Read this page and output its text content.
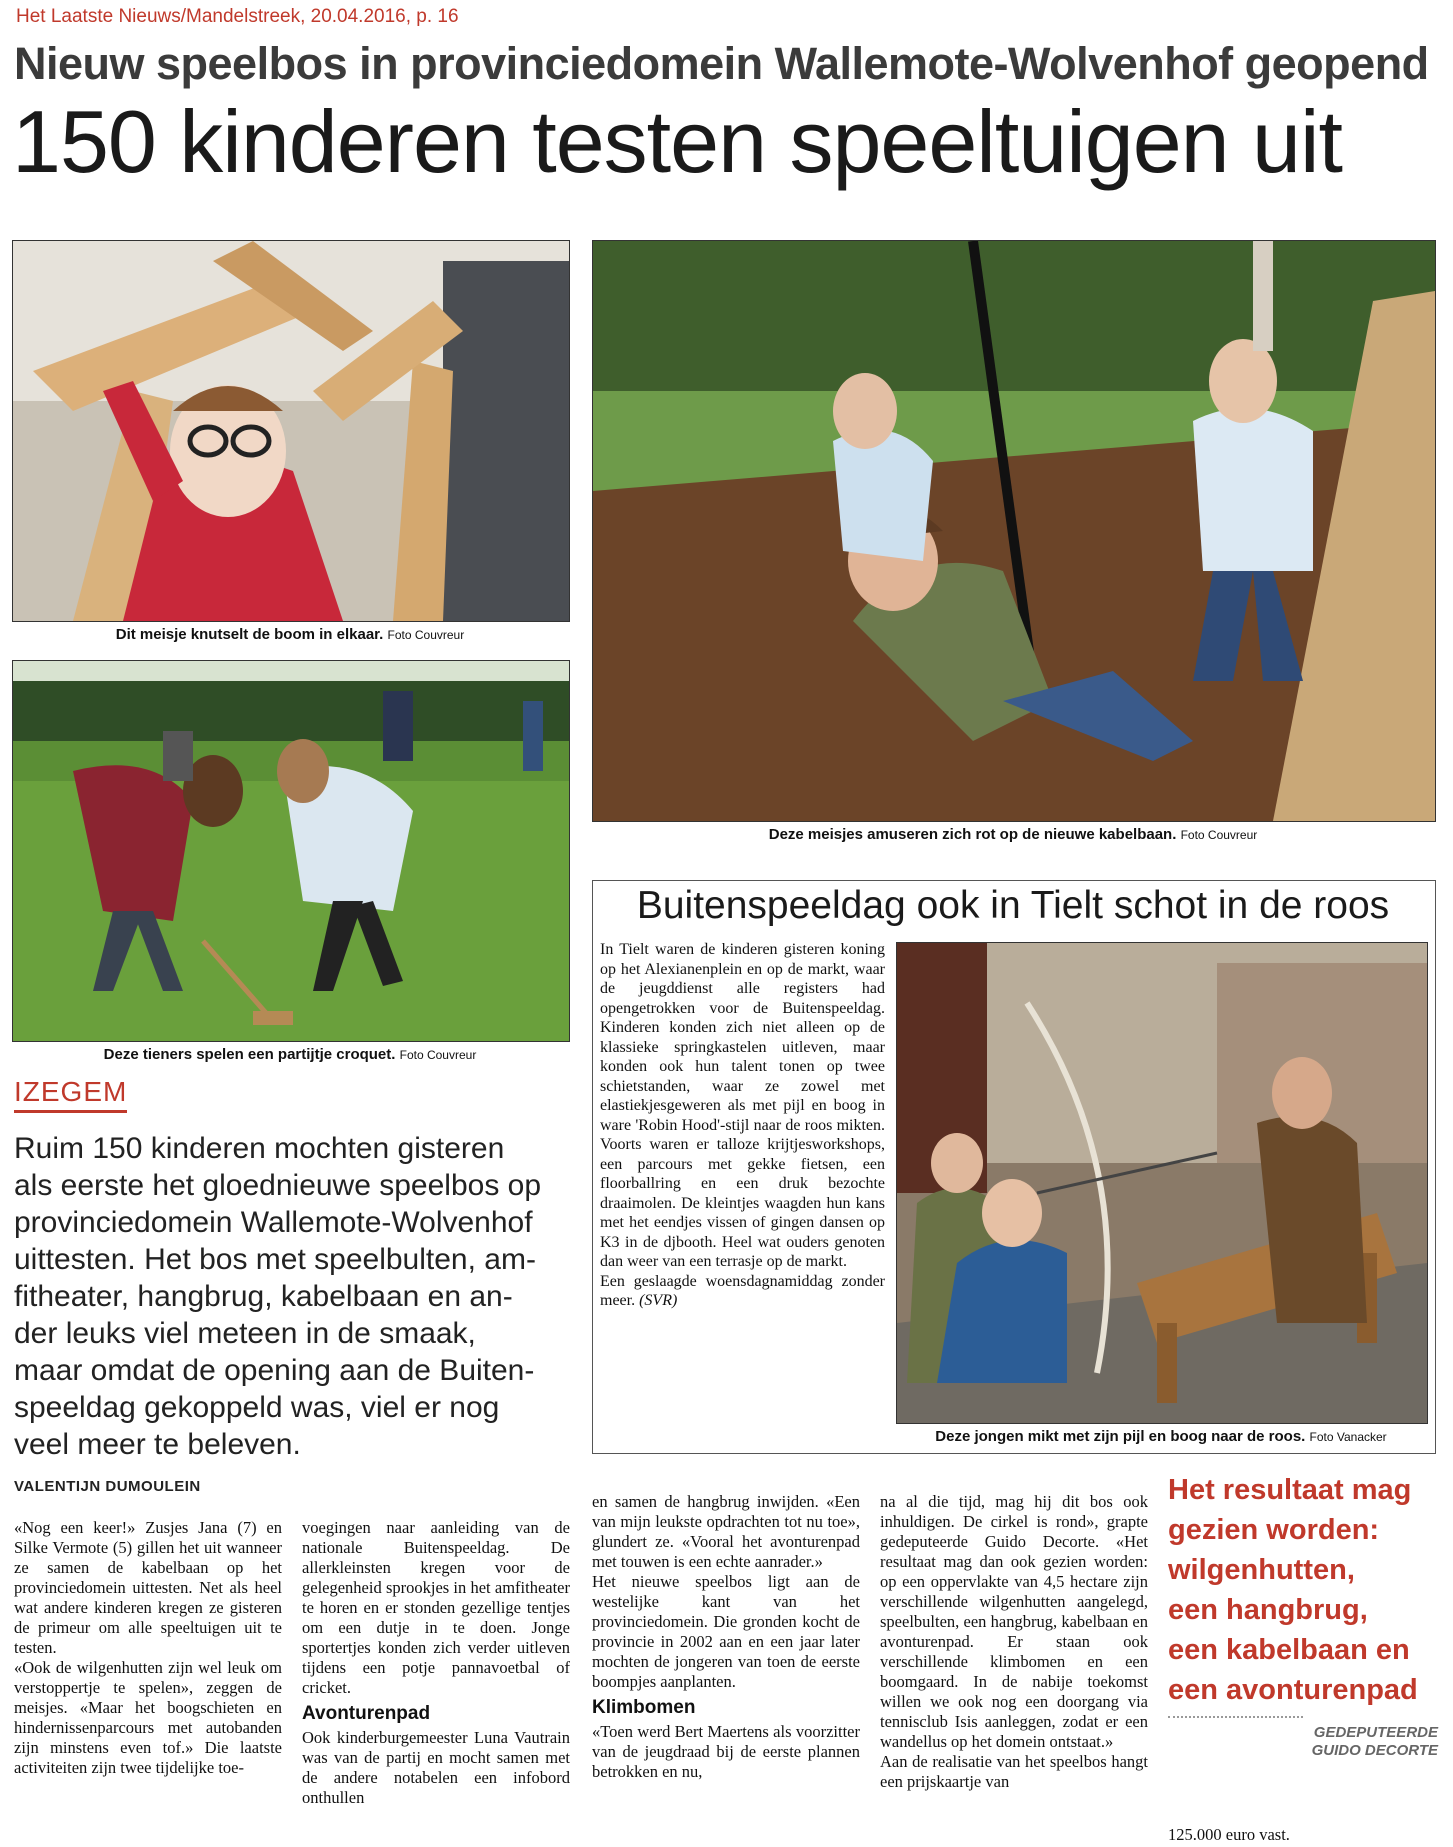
Het Laatste Nieuws/Mandelstreek, 20.04.2016, p. 16
Nieuw speelbos in provinciedomein Wallemote-Wolvenhof geopend
150 kinderen testen speeltuigen uit
Dit meisje knutselt de boom in elkaar. Foto Couvreur
Deze tieners spelen een partijtje croquet. Foto Couvreur
Deze meisjes amuseren zich rot op de nieuwe kabelbaan. Foto Couvreur
Buitenspeeldag ook in Tielt schot in de roos

In Tielt waren de kinderen gisteren koning op het Alexianenplein en op de markt, waar de jeugddienst alle registers had opengetrokken voor de Buitenspeeldag. Kinderen konden zich niet alleen op de klassieke springkastelen uitleven, maar konden ook hun talent tonen op twee schietstanden, waar ze zowel met elastiekjesgeweren als met pijl en boog in ware 'Robin Hood'-stijl naar de roos mikten. Voorts waren er talloze krijtjesworkshops, een parcours met gekke fietsen, een floorballring en een druk bezochte draaimolen. De kleintjes waagden hun kans met het eendjes vissen of gingen dansen op K3 in de djbooth. Heel wat ouders genoten dan weer van een terrasje op de markt.

Een geslaagde woensdagnamiddag zonder meer. (SVR)

Deze jongen mikt met zijn pijl en boog naar de roos. Foto Vanacker
IZEGEM
Ruim 150 kinderen mochten gisteren
als eerste het gloednieuwe speelbos op
provinciedomein Wallemote-Wolvenhof
uittesten. Het bos met speelbulten, am-
fitheater, hangbrug, kabelbaan en an-
der leuks viel meteen in de smaak,
maar omdat de opening aan de Buiten-
speeldag gekoppeld was, viel er nog
veel meer te beleven.
VALENTIJN DUMOULEIN

«Nog een keer!» Zusjes Jana (7) en Silke Vermote (5) gillen het uit wanneer ze samen de kabelbaan op het provinciedomein uittesten. Net als heel wat andere kinderen kregen ze gisteren de primeur om alle speeltuigen uit te testen.

«Ook de wilgenhutten zijn wel leuk om verstoppertje te spelen», zeggen de meisjes. «Maar het boogschieten en hindernissenparcours met autobanden zijn minstens even tof.» Die laatste activiteiten zijn twee tijdelijke toe-

voegingen naar aanleiding van de nationale Buitenspeeldag. De allerkleinsten kregen voor de gelegenheid sprookjes in het amfitheater te horen en er stonden gezellige tentjes om een dutje in te doen. Jonge sportertjes konden zich verder uitleven tijdens een potje pannavoetbal of cricket.

Avonturenpad

Ook kinderburgemeester Luna Vautrain was van de partij en mocht samen met de andere notabelen een infobord onthullen

en samen de hangbrug inwijden. «Een van mijn leukste opdrachten tot nu toe», glundert ze. «Vooral het avonturenpad met touwen is een echte aanrader.»

Het nieuwe speelbos ligt aan de westelijke kant van het provinciedomein. Die gronden kocht de provincie in 2002 aan en een jaar later mochten de jongeren van toen de eerste boompjes aanplanten.

Klimbomen

«Toen werd Bert Maertens als voorzitter van de jeugdraad bij de eerste plannen betrokken en nu,

na al die tijd, mag hij dit bos ook inhuldigen. De cirkel is rond», grapte gedeputeerde Guido Decorte. «Het resultaat mag dan ook gezien worden: op een oppervlakte van 4,5 hectare zijn verschillende wilgenhutten aangelegd, speelbulten, een hangbrug, kabelbaan en avonturenpad. Er staan ook verschillende klimbomen en een boomgaard. In de nabije toekomst willen we ook nog een doorgang via tennisclub Isis aanleggen, zodat er een wandellus op het domein ontstaat.»

Aan de realisatie van het speelbos hangt een prijskaartje van

Het resultaat mag
gezien worden:
wilgenhutten,
een hangbrug,
een kabelbaan en
een avonturenpad
GEDEPUTEERDE
GUIDO DECORTE
125.000 euro vast.
